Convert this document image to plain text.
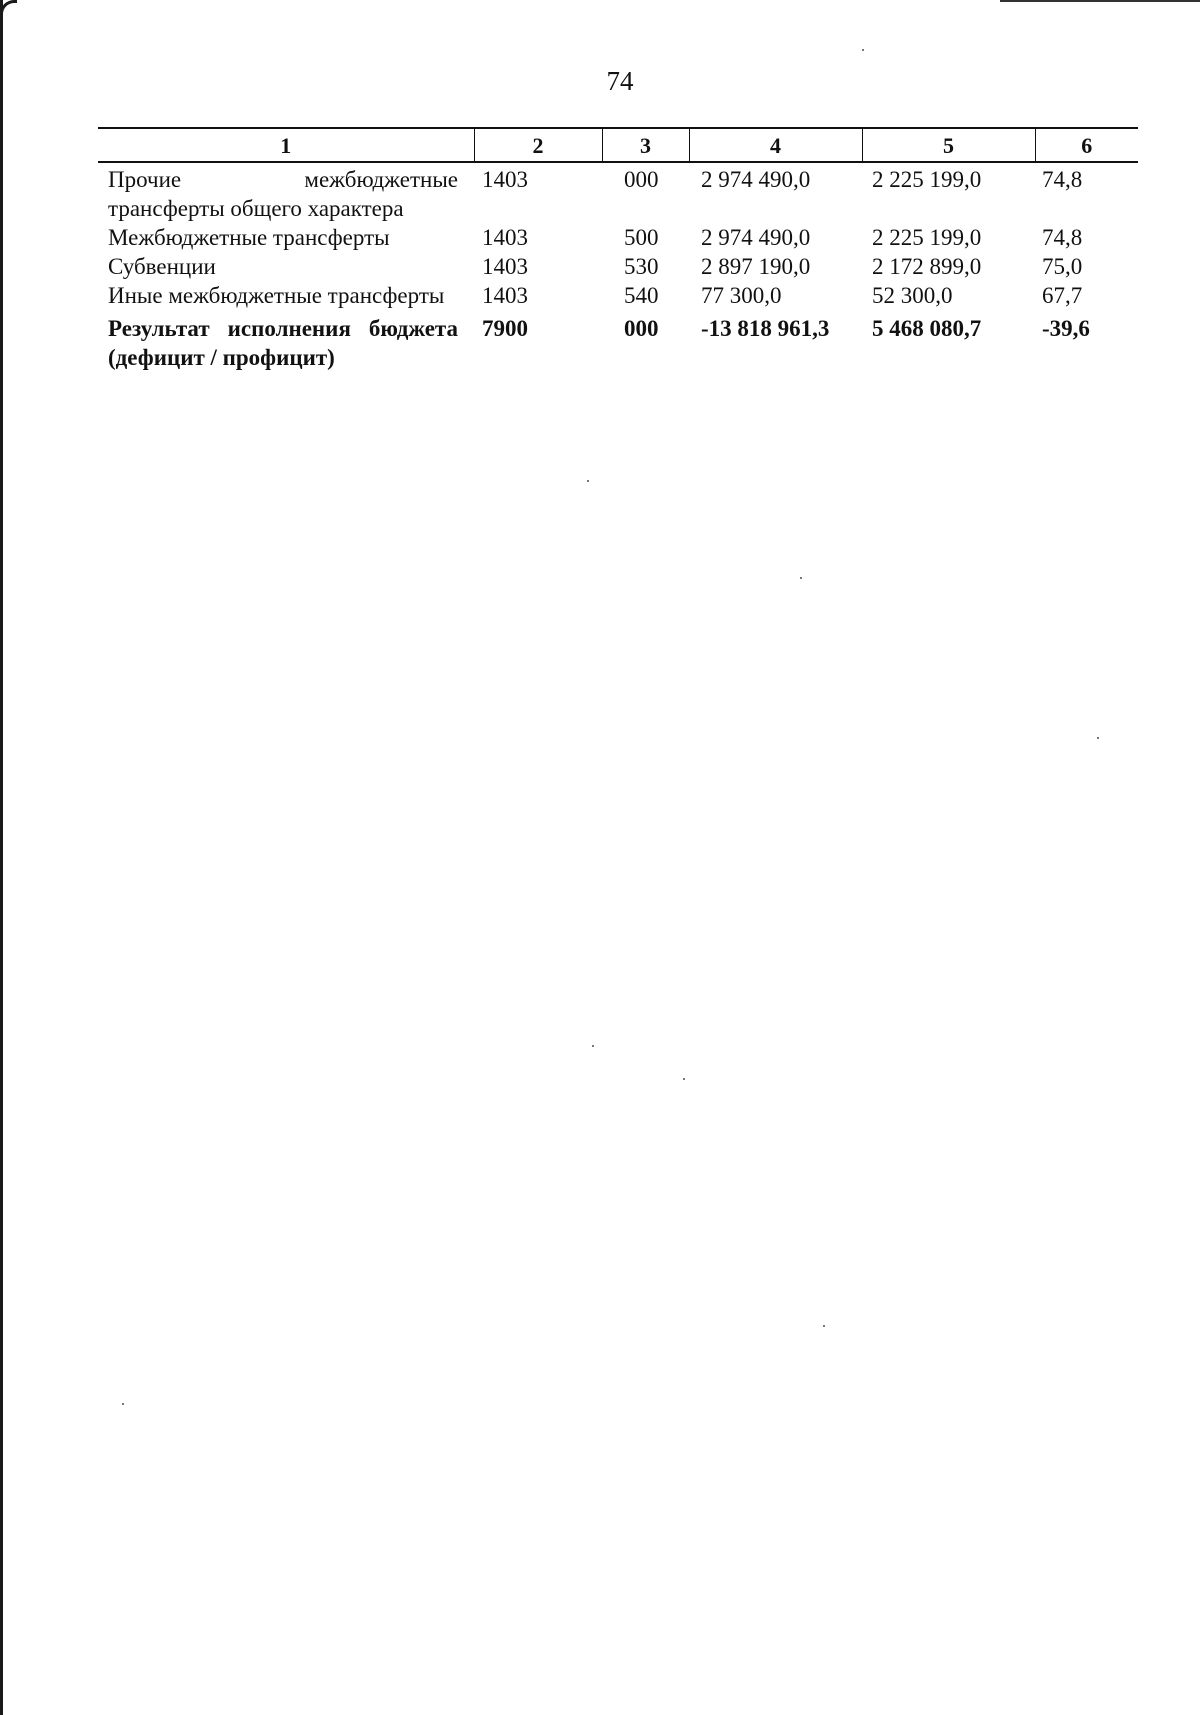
74
1	2	3	4	5	6
Прочие межбюджетные трансферты общего характера	1403	000	2 974 490,0	2 225 199,0	74,8
Межбюджетные трансферты	1403	500	2 974 490,0	2 225 199,0	74,8
Субвенции	1403	530	2 897 190,0	2 172 899,0	75,0
Иные межбюджетные трансферты	1403	540	77 300,0	52 300,0	67,7
Результат исполнения бюджета (дефицит / профицит)	7900	000	-13 818 961,3	5 468 080,7	-39,6
